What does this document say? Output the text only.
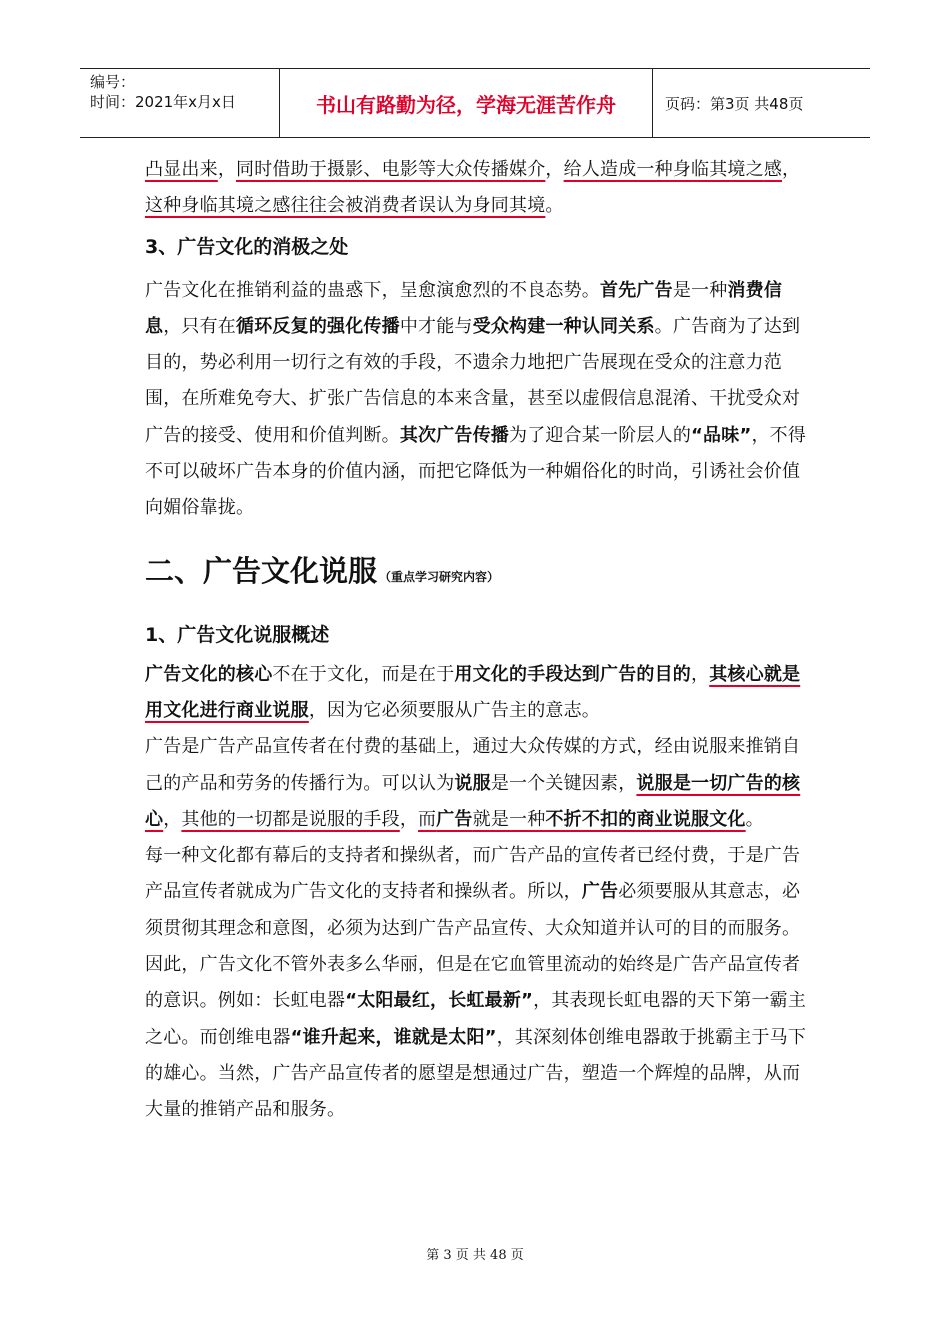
编号：
时间：2021年x月x日	书山有路勤为径，学海无涯苦作舟	页码：第3页 共48页

凸显出来，同时借助于摄影、电影等大众传播媒介，给人造成一种身临其境之感，这种身临其境之感往往会被消费者误认为身同其境。

3、广告文化的消极之处

广告文化在推销利益的蛊惑下，呈愈演愈烈的不良态势。首先广告是一种消费信息，只有在循环反复的强化传播中才能与受众构建一种认同关系。广告商为了达到目的，势必利用一切行之有效的手段，不遗余力地把广告展现在受众的注意力范围，在所难免夸大、扩张广告信息的本来含量，甚至以虚假信息混淆、干扰受众对广告的接受、使用和价值判断。其次广告传播为了迎合某一阶层人的“品味”，不得不可以破坏广告本身的价值内涵，而把它降低为一种媚俗化的时尚，引诱社会价值向媚俗靠拢。

二、广告文化说服 （重点学习研究内容）
1、广告文化说服概述

广告文化的核心不在于文化，而是在于用文化的手段达到广告的目的，其核心就是用文化进行商业说服，因为它必须要服从广告主的意志。

广告是广告产品宣传者在付费的基础上，通过大众传媒的方式，经由说服来推销自己的产品和劳务的传播行为。可以认为说服是一个关键因素，说服是一切广告的核心，其他的一切都是说服的手段，而广告就是一种不折不扣的商业说服文化。

每一种文化都有幕后的支持者和操纵者，而广告产品的宣传者已经付费，于是广告产品宣传者就成为广告文化的支持者和操纵者。所以，广告必须要服从其意志，必须贯彻其理念和意图，必须为达到广告产品宣传、大众知道并认可的目的而服务。因此，广告文化不管外表多么华丽，但是在它血管里流动的始终是广告产品宣传者的意识。例如：长虹电器“太阳最红，长虹最新”，其表现长虹电器的天下第一霸主之心。而创维电器“谁升起来，谁就是太阳”，其深刻体创维电器敢于挑霸主于马下的雄心。当然，广告产品宣传者的愿望是想通过广告，塑造一个辉煌的品牌，从而大量的推销产品和服务。

第 3 页 共 48 页
